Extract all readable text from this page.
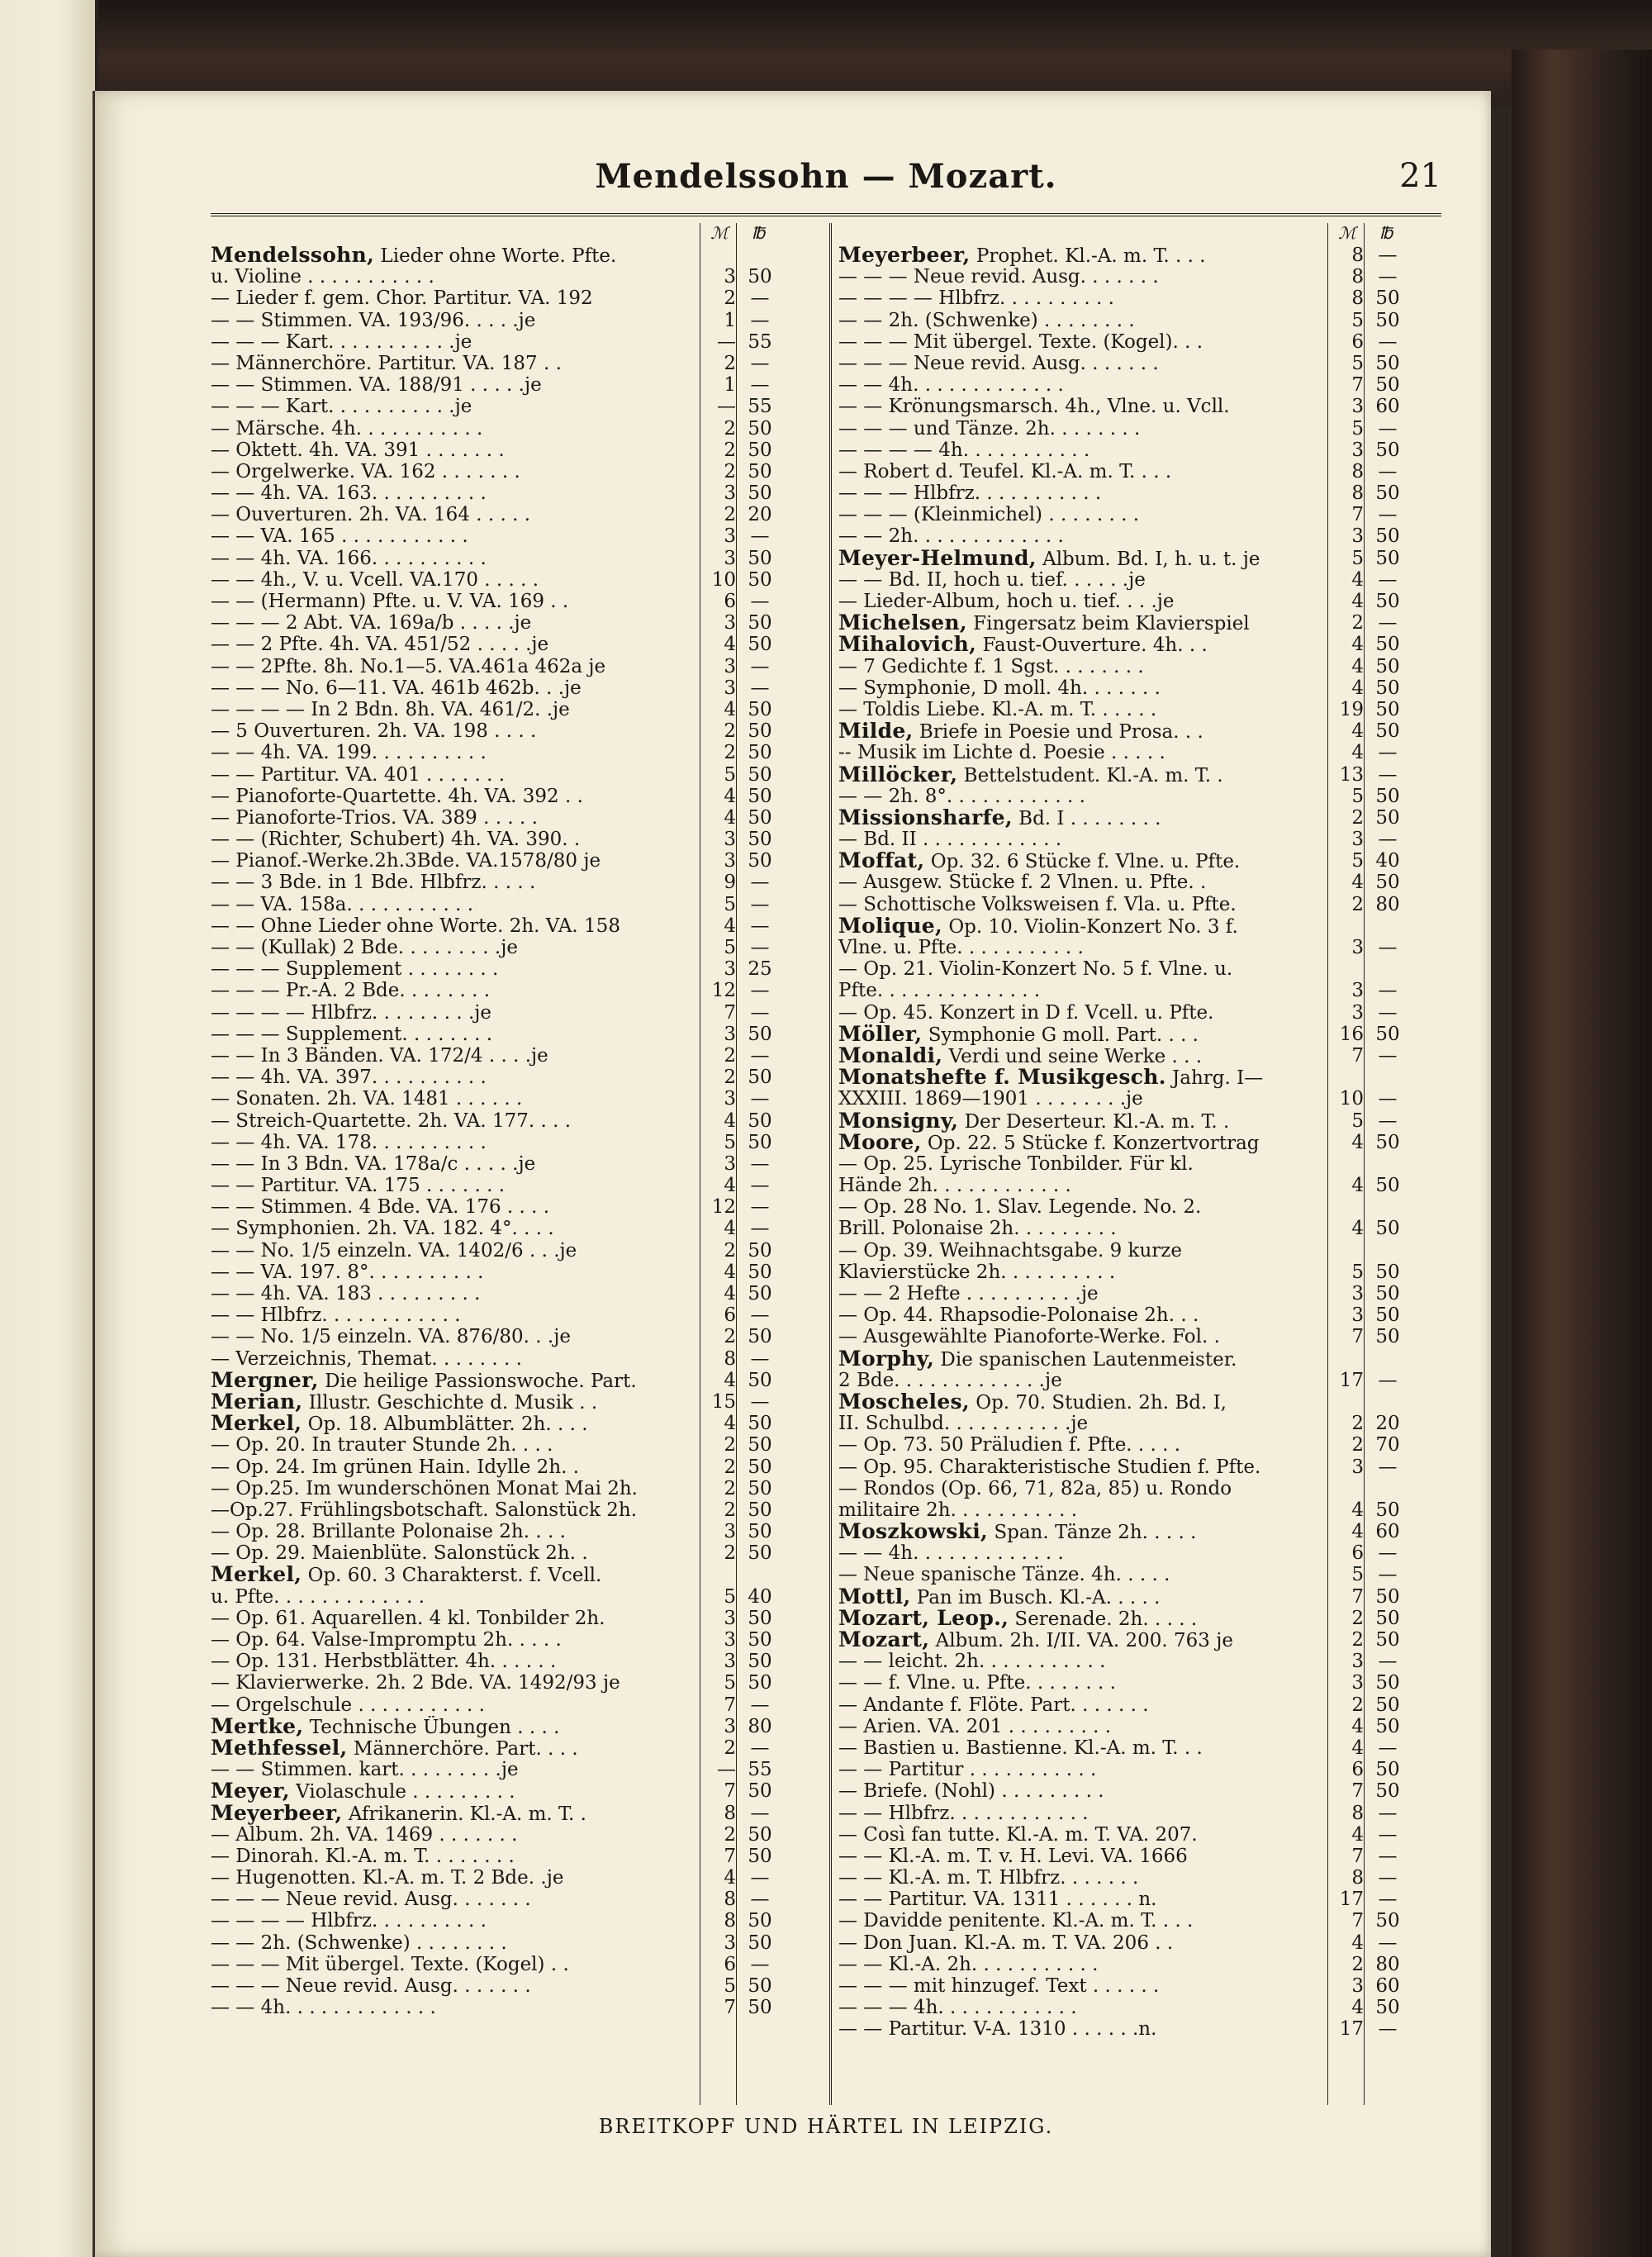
Mendelssohn — Mozart.	21
ℳ	℔
Mendelssohn, Lieder ohne Worte. Pfte.
u. Violine . . . . . . . . . . .	3 50
— Lieder f. gem. Chor. Partitur. VA. 192	2 —
— — Stimmen. VA. 193/96. . . . .je	1 —
— — — Kart. . . . . . . . . . .je	— 55
— Männerchöre. Partitur. VA. 187 . .	2 —
— — Stimmen. VA. 188/91 . . . . .je	1 —
— — — Kart. . . . . . . . . . .je	— 55
— Märsche. 4h. . . . . . . . . . .	2 50
— Oktett. 4h. VA. 391 . . . . . . .	2 50
— Orgelwerke. VA. 162 . . . . . . .	2 50
— — 4h. VA. 163. . . . . . . . . .	3 50
— Ouverturen. 2h. VA. 164 . . . . .	2 20
— — VA. 165 . . . . . . . . . . .	3 —
— — 4h. VA. 166. . . . . . . . . .	3 50
— — 4h., V. u. Vcell. VA.170 . . . . .	10 50
— — (Hermann) Pfte. u. V. VA. 169 . .	6 —
— — — 2 Abt. VA. 169a/b . . . . .je	3 50
— — 2 Pfte. 4h. VA. 451/52 . . . . .je	4 50
— — 2Pfte. 8h. No.1—5. VA.461a 462a je	3 —
— — — No. 6—11. VA. 461b 462b. . .je	3 —
— — — — In 2 Bdn. 8h. VA. 461/2. .je	4 50
— 5 Ouverturen. 2h. VA. 198 . . . .	2 50
— — 4h. VA. 199. . . . . . . . . .	2 50
— — Partitur. VA. 401 . . . . . . .	5 50
— Pianoforte-Quartette. 4h. VA. 392 . .	4 50
— Pianoforte-Trios. VA. 389 . . . . .	4 50
— — (Richter, Schubert) 4h. VA. 390. .	3 50
— Pianof.-Werke.2h.3Bde. VA.1578/80 je	3 50
— — 3 Bde. in 1 Bde. Hlbfrz. . . . .	9 —
— — VA. 158a. . . . . . . . . . .	5 —
— — Ohne Lieder ohne Worte. 2h. VA. 158	4 —
— — (Kullak) 2 Bde. . . . . . . . .je	5 —
— — — Supplement . . . . . . . .	3 25
— — — Pr.-A. 2 Bde. . . . . . . .	12 —
— — — — Hlbfrz. . . . . . . . .je	7 —
— — — Supplement. . . . . . . .	3 50
— — In 3 Bänden. VA. 172/4 . . . .je	2 —
— — 4h. VA. 397. . . . . . . . . .	2 50
— Sonaten. 2h. VA. 1481 . . . . . .	3 —
— Streich-Quartette. 2h. VA. 177. . . .	4 50
— — 4h. VA. 178. . . . . . . . . .	5 50
— — In 3 Bdn. VA. 178a/c . . . . .je	3 —
— — Partitur. VA. 175 . . . . . . .	4 —
— — Stimmen. 4 Bde. VA. 176 . . . .	12 —
— Symphonien. 2h. VA. 182. 4°. . . .	4 —
— — No. 1/5 einzeln. VA. 1402/6 . . .je	2 50
— — VA. 197. 8°. . . . . . . . . .	4 50
— — 4h. VA. 183 . . . . . . . . .	4 50
— — Hlbfrz. . . . . . . . . . . .	6 —
— — No. 1/5 einzeln. VA. 876/80. . .je	2 50
— Verzeichnis, Themat. . . . . . . .	8 —
Mergner, Die heilige Passionswoche. Part.	4 50
Merian, Illustr. Geschichte d. Musik . .	15 —
Merkel, Op. 18. Albumblätter. 2h. . . .	4 50
— Op. 20. In trauter Stunde 2h. . . .	2 50
— Op. 24. Im grünen Hain. Idylle 2h. .	2 50
— Op.25. Im wunderschönen Monat Mai 2h.	2 50
—Op.27. Frühlingsbotschaft. Salonstück 2h.	2 50
— Op. 28. Brillante Polonaise 2h. . . .	3 50
— Op. 29. Maienblüte. Salonstück 2h. .	2 50
Merkel, Op. 60. 3 Charakterst. f. Vcell.
u. Pfte. . . . . . . . . . . . .	5 40
— Op. 61. Aquarellen. 4 kl. Tonbilder 2h.	3 50
— Op. 64. Valse-Impromptu 2h. . . . .	3 50
— Op. 131. Herbstblätter. 4h. . . . . .	3 50
— Klavierwerke. 2h. 2 Bde. VA. 1492/93 je	5 50
— Orgelschule . . . . . . . . . . .	7 —
Mertke, Technische Übungen . . . .	3 80
Methfessel, Männerchöre. Part. . . .	2 —
— — Stimmen. kart. . . . . . . . .je	— 55
Meyer, Violaschule . . . . . . . . .	7 50
Meyerbeer, Afrikanerin. Kl.-A. m. T. .	8 —
— Album. 2h. VA. 1469 . . . . . . .	2 50
— Dinorah. Kl.-A. m. T. . . . . . . .	7 50
— Hugenotten. Kl.-A. m. T. 2 Bde. .je	4 —
— — — Neue revid. Ausg. . . . . . .	8 —
— — — — Hlbfrz. . . . . . . . . .	8 50
— — 2h. (Schwenke) . . . . . . . .	3 50
— — — Mit übergel. Texte. (Kogel) . .	6 —
— — — Neue revid. Ausg. . . . . . .	5 50
— — 4h. . . . . . . . . . . . .	7 50
ℳ	℔
Meyerbeer, Prophet. Kl.-A. m. T. . . .	8 —
— — — Neue revid. Ausg. . . . . . .	8 —
— — — — Hlbfrz. . . . . . . . . .	8 50
— — 2h. (Schwenke) . . . . . . . .	5 50
— — — Mit übergel. Texte. (Kogel). . .	6 —
— — — Neue revid. Ausg. . . . . . .	5 50
— — 4h. . . . . . . . . . . . .	7 50
— — Krönungsmarsch. 4h., Vlne. u. Vcll.	3 60
— — — und Tänze. 2h. . . . . . . .	5 —
— — — — 4h. . . . . . . . . . .	3 50
— Robert d. Teufel. Kl.-A. m. T. . . .	8 —
— — — Hlbfrz. . . . . . . . . . .	8 50
— — — (Kleinmichel) . . . . . . . .	7 —
— — 2h. . . . . . . . . . . . .	3 50
Meyer-Helmund, Album. Bd. I, h. u. t. je	5 50
— — Bd. II, hoch u. tief. . . . . .je	4 —
— Lieder-Album, hoch u. tief. . . .je	4 50
Michelsen, Fingersatz beim Klavierspiel	2 —
Mihalovich, Faust-Ouverture. 4h. . .	4 50
— 7 Gedichte f. 1 Sgst. . . . . . . .	4 50
— Symphonie, D moll. 4h. . . . . . .	4 50
— Toldis Liebe. Kl.-A. m. T. . . . . .	19 50
Milde, Briefe in Poesie und Prosa. . .	4 50
-- Musik im Lichte d. Poesie . . . . .	4 —
Millöcker, Bettelstudent. Kl.-A. m. T. .	13 —
— — 2h. 8°. . . . . . . . . . . .	5 50
Missionsharfe, Bd. I . . . . . . . .	2 50
— Bd. II . . . . . . . . . . . .	3 —
Moffat, Op. 32. 6 Stücke f. Vlne. u. Pfte.	5 40
— Ausgew. Stücke f. 2 Vlnen. u. Pfte. .	4 50
— Schottische Volksweisen f. Vla. u. Pfte.	2 80
Molique, Op. 10. Violin-Konzert No. 3 f.
Vlne. u. Pfte. . . . . . . . . . .	3 —
— Op. 21. Violin-Konzert No. 5 f. Vlne. u.
Pfte. . . . . . . . . . . . . .	3 —
— Op. 45. Konzert in D f. Vcell. u. Pfte.	3 —
Möller, Symphonie G moll. Part. . . .	16 50
Monaldi, Verdi und seine Werke . . .	7 —
Monatshefte f. Musikgesch. Jahrg. I—
XXXIII. 1869—1901 . . . . . . . .je	10 —
Monsigny, Der Deserteur. Kl.-A. m. T. .	5 —
Moore, Op. 22. 5 Stücke f. Konzertvortrag	4 50
— Op. 25. Lyrische Tonbilder. Für kl.
Hände 2h. . . . . . . . . . . .	4 50
— Op. 28 No. 1. Slav. Legende. No. 2.
Brill. Polonaise 2h. . . . . . . . .	4 50
— Op. 39. Weihnachtsgabe. 9 kurze
Klavierstücke 2h. . . . . . . . . .	5 50
— — 2 Hefte . . . . . . . . . .je	3 50
— Op. 44. Rhapsodie-Polonaise 2h. . .	3 50
— Ausgewählte Pianoforte-Werke. Fol. .	7 50
Morphy, Die spanischen Lautenmeister.
2 Bde. . . . . . . . . . . . .je	17 —
Moscheles, Op. 70. Studien. 2h. Bd. I,
II. Schulbd. . . . . . . . . . .je	2 20
— Op. 73. 50 Präludien f. Pfte. . . . .	2 70
— Op. 95. Charakteristische Studien f. Pfte.	3 —
— Rondos (Op. 66, 71, 82a, 85) u. Rondo
militaire 2h. . . . . . . . . . .	4 50
Moszkowski, Span. Tänze 2h. . . . .	4 60
— — 4h. . . . . . . . . . . . .	6 —
— Neue spanische Tänze. 4h. . . . .	5 —
Mottl, Pan im Busch. Kl.-A. . . . .	7 50
Mozart, Leop., Serenade. 2h. . . . .	2 50
Mozart, Album. 2h. I/II. VA. 200. 763 je	2 50
— — leicht. 2h. . . . . . . . . . .	3 —
— — f. Vlne. u. Pfte. . . . . . . .	3 50
— Andante f. Flöte. Part. . . . . . .	2 50
— Arien. VA. 201 . . . . . . . . .	4 50
— Bastien u. Bastienne. Kl.-A. m. T. . .	4 —
— — Partitur . . . . . . . . . . .	6 50
— Briefe. (Nohl) . . . . . . . . .	7 50
— — Hlbfrz. . . . . . . . . . . .	8 —
— Così fan tutte. Kl.-A. m. T. VA. 207.	4 —
— — Kl.-A. m. T. v. H. Levi. VA. 1666	7 —
— — Kl.-A. m. T. Hlbfrz. . . . . . .	8 —
— — Partitur. VA. 1311 . . . . . . n.	17 —
— Davidde penitente. Kl.-A. m. T. . . .	7 50
— Don Juan. Kl.-A. m. T. VA. 206 . .	4 —
— — Kl.-A. 2h. . . . . . . . . . .	2 80
— — — mit hinzugef. Text . . . . . .	3 60
— — — 4h. . . . . . . . . . . .	4 50
— — Partitur. V-A. 1310 . . . . . .n.	17 —
BREITKOPF UND HÄRTEL IN LEIPZIG.
